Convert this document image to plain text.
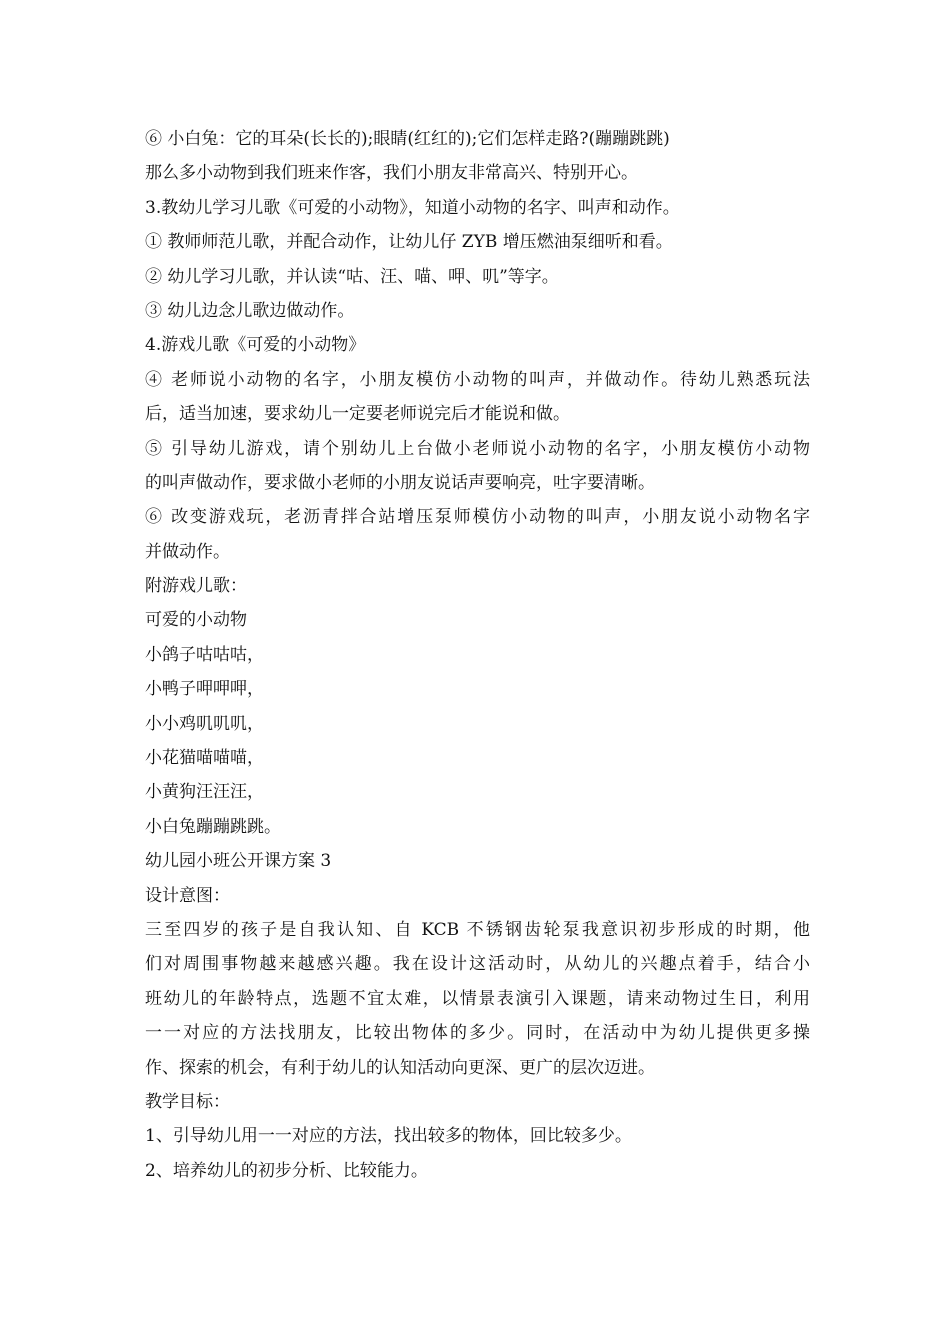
⑥ 小白兔：它的耳朵(长长的);眼睛(红红的);它们怎样走路?(蹦蹦跳跳)
那么多小动物到我们班来作客，我们小朋友非常高兴、特别开心。
3.教幼儿学习儿歌《可爱的小动物》，知道小动物的名字、叫声和动作。
① 教师师范儿歌，并配合动作，让幼儿仔 ZYB 增压燃油泵细听和看。
② 幼儿学习儿歌，并认读“咕、汪、喵、呷、叽”等字。
③ 幼儿边念儿歌边做动作。
4.游戏儿歌《可爱的小动物》
④ 老师说小动物的名字，小朋友模仿小动物的叫声，并做动作。待幼儿熟悉玩法
后，适当加速，要求幼儿一定要老师说完后才能说和做。
⑤ 引导幼儿游戏，请个别幼儿上台做小老师说小动物的名字，小朋友模仿小动物
的叫声做动作，要求做小老师的小朋友说话声要响亮，吐字要清晰。
⑥ 改变游戏玩，老沥青拌合站增压泵师模仿小动物的叫声，小朋友说小动物名字
并做动作。
附游戏儿歌：
可爱的小动物
小鸽子咕咕咕，
小鸭子呷呷呷，
小小鸡叽叽叽，
小花猫喵喵喵，
小黄狗汪汪汪，
小白兔蹦蹦跳跳。
幼儿园小班公开课方案 3
设计意图：
三至四岁的孩子是自我认知、自 KCB 不锈钢齿轮泵我意识初步形成的时期，他
们对周围事物越来越感兴趣。我在设计这活动时，从幼儿的兴趣点着手，结合小
班幼儿的年龄特点，选题不宜太难，以情景表演引入课题，请来动物过生日，利用
一一对应的方法找朋友，比较出物体的多少。同时，在活动中为幼儿提供更多操
作、探索的机会，有利于幼儿的认知活动向更深、更广的层次迈进。
教学目标：
1、引导幼儿用一一对应的方法，找出较多的物体，回比较多少。
2、培养幼儿的初步分析、比较能力。
